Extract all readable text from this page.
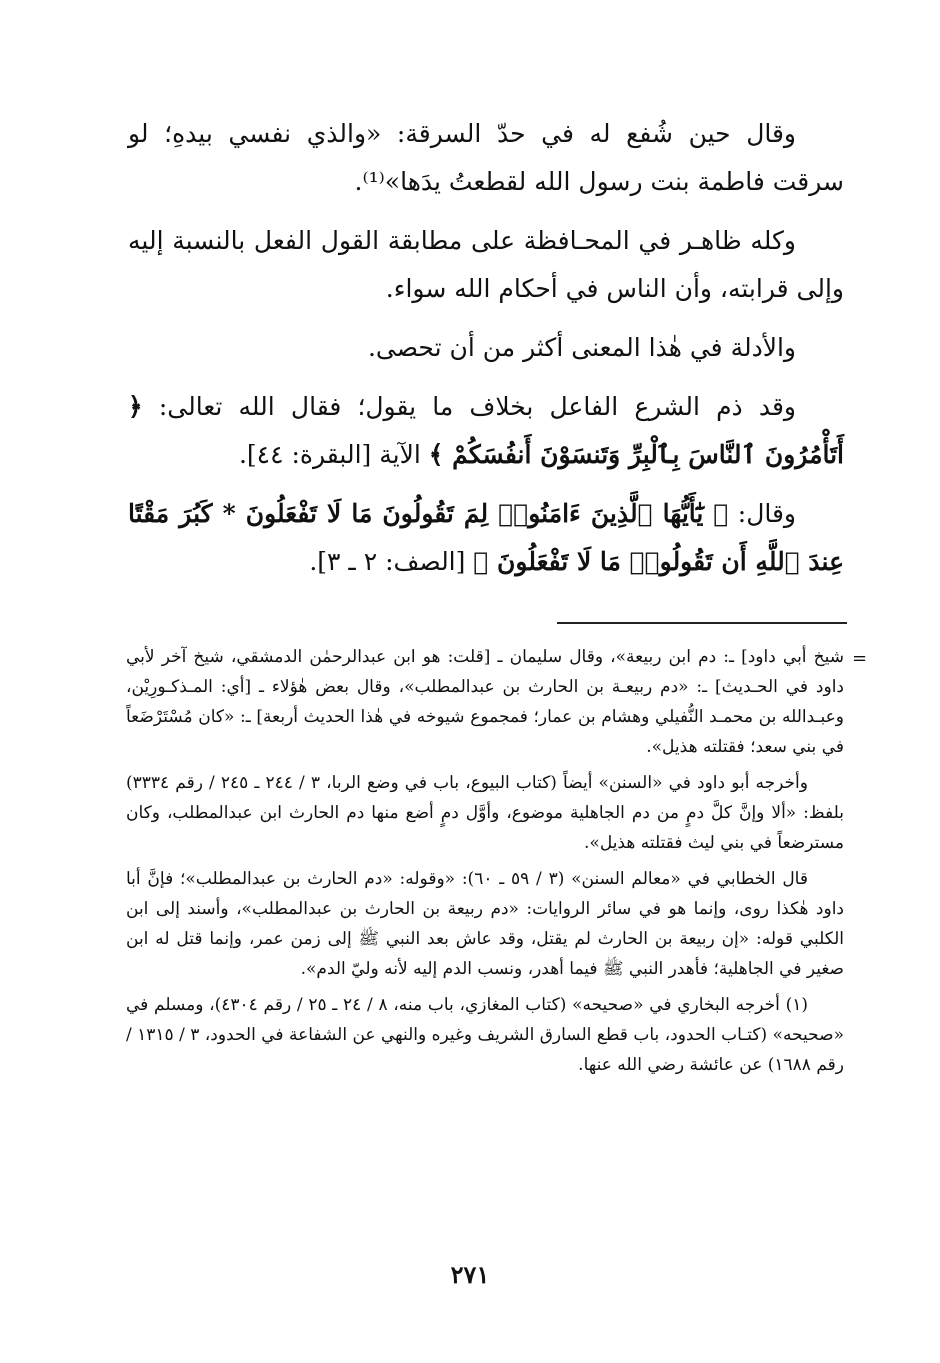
وقال حين شُفع له في حدّ السرقة: «والذي نفسي بيدهِ؛ لو سرقت فاطمة بنت رسول الله لقطعتُ يدَها»⁽¹⁾.

وكله ظاهـر في المحـافظة على مطابقة القول الفعل بالنسبة إليه وإلى قرابته، وأن الناس في أحكام الله سواء.

والأدلة في هٰذا المعنى أكثر من أن تحصى.

وقد ذم الشرع الفاعل بخلاف ما يقول؛ فقال الله تعالى: ﴿ أَتَأْمُرُونَ ٱلنَّاسَ بِٱلْبِرِّ وَتَنسَوْنَ أَنفُسَكُمْ ﴾ الآية [البقرة: ٤٤].

وقال: ﴿ يَٰٓأَيُّهَا ٱلَّذِينَ ءَامَنُوا۟ لِمَ تَقُولُونَ مَا لَا تَفْعَلُونَ * كَبُرَ مَقْتًا عِندَ ٱللَّهِ أَن تَقُولُوا۟ مَا لَا تَفْعَلُونَ ﴾ [الصف: ٢ ـ ٣].

=

شيخ أبي داود] ـ: دم ابن ربيعة»، وقال سليمان ـ [قلت: هو ابن عبدالرحمٰن الدمشقي، شيخ آخر لأبي داود في الحـديث] ـ: «دم ربيعـة بن الحارث بن عبدالمطلب»، وقال بعض هٰؤلاء ـ [أي: المـذكـورِيْن، وعبـدالله بن محمـد النُّفيلي وهشام بن عمار؛ فمجموع شيوخه في هٰذا الحديث أربعة] ـ: «كان مُسْتَرْضَعاً في بني سعد؛ فقتلته هذيل».

وأخرجه أبو داود في «السنن» أيضاً (كتاب البيوع، باب في وضع الربا، ٣ / ٢٤٤ ـ ٢٤٥ / رقم ٣٣٣٤) بلفظ: «ألا وإنَّ كلَّ دمٍ من دم الجاهلية موضوع، وأوَّل دمٍ أضع منها دم الحارث ابن عبدالمطلب، وكان مسترضعاً في بني ليث فقتلته هذيل».

قال الخطابي في «معالم السنن» (٣ / ٥٩ ـ ٦٠): «وقوله: «دم الحارث بن عبدالمطلب»؛ فإنَّ أبا داود هٰكذا روى، وإنما هو في سائر الروايات: «دم ربيعة بن الحارث بن عبدالمطلب»، وأسند إلى ابن الكلبي قوله: «إن ربيعة بن الحارث لم يقتل، وقد عاش بعد النبي ﷺ إلى زمن عمر، وإنما قتل له ابن صغير في الجاهلية؛ فأهدر النبي ﷺ فيما أهدر، ونسب الدم إليه لأنه وليّ الدم».

(١) أخرجه البخاري في «صحيحه» (كتاب المغازي، باب منه، ٨ / ٢٤ ـ ٢٥ / رقم ٤٣٠٤)، ومسلم في «صحيحه» (كتـاب الحدود، باب قطع السارق الشريف وغيره والنهي عن الشفاعة في الحدود، ٣ / ١٣١٥ / رقم ١٦٨٨) عن عائشة رضي الله عنها.

٢٧١
